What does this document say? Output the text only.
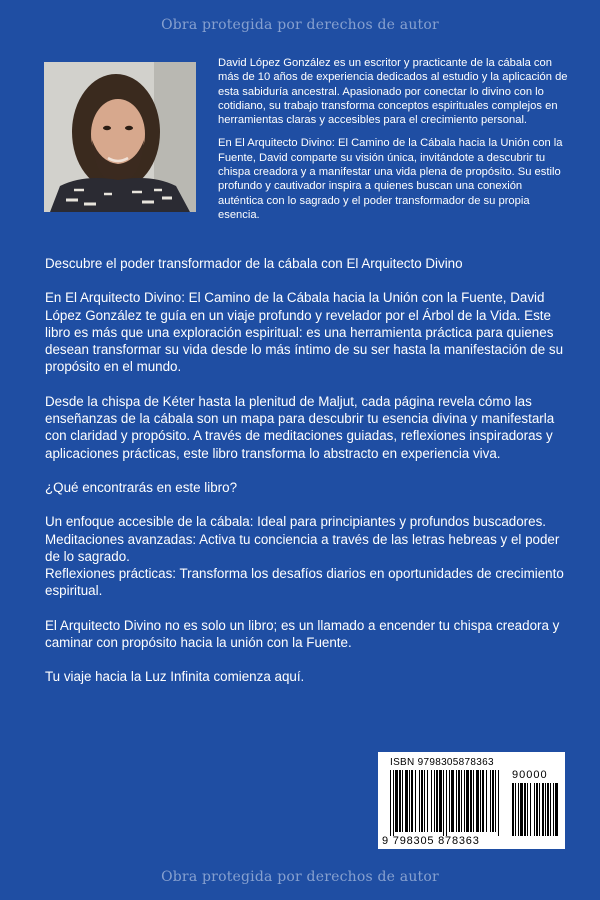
Obra protegida por derechos de autor

David López González es un escritor y practicante de la cábala con más de 10 años de experiencia dedicados al estudio y la aplicación de esta sabiduría ancestral. Apasionado por conectar lo divino con lo cotidiano, su trabajo transforma conceptos espirituales complejos en herramientas claras y accesibles para el crecimiento personal.

En El Arquitecto Divino: El Camino de la Cábala hacia la Unión con la Fuente, David comparte su visión única, invitándote a descubrir tu chispa creadora y a manifestar una vida plena de propósito. Su estilo profundo y cautivador inspira a quienes buscan una conexión auténtica con lo sagrado y el poder transformador de su propia esencia.

Descubre el poder transformador de la cábala con El Arquitecto Divino

En El Arquitecto Divino: El Camino de la Cábala hacia la Unión con la Fuente, David López González te guía en un viaje profundo y revelador por el Árbol de la Vida. Este libro es más que una exploración espiritual: es una herramienta práctica para quienes desean transformar su vida desde lo más íntimo de su ser hasta la manifestación de su propósito en el mundo.

Desde la chispa de Kéter hasta la plenitud de Maljut, cada página revela cómo las enseñanzas de la cábala son un mapa para descubrir tu esencia divina y manifestarla con claridad y propósito. A través de meditaciones guiadas, reflexiones inspiradoras y aplicaciones prácticas, este libro transforma lo abstracto en experiencia viva.

¿Qué encontrarás en este libro?

Un enfoque accesible de la cábala: Ideal para principiantes y profundos buscadores.
Meditaciones avanzadas: Activa tu conciencia a través de las letras hebreas y el poder de lo sagrado.
Reflexiones prácticas: Transforma los desafíos diarios en oportunidades de crecimiento espiritual.

El Arquitecto Divino no es solo un libro; es un llamado a encender tu chispa creadora y caminar con propósito hacia la unión con la Fuente.

Tu viaje hacia la Luz Infinita comienza aquí.

ISBN 9798305878363
90000
9 798305 878363
Obra protegida por derechos de autor
